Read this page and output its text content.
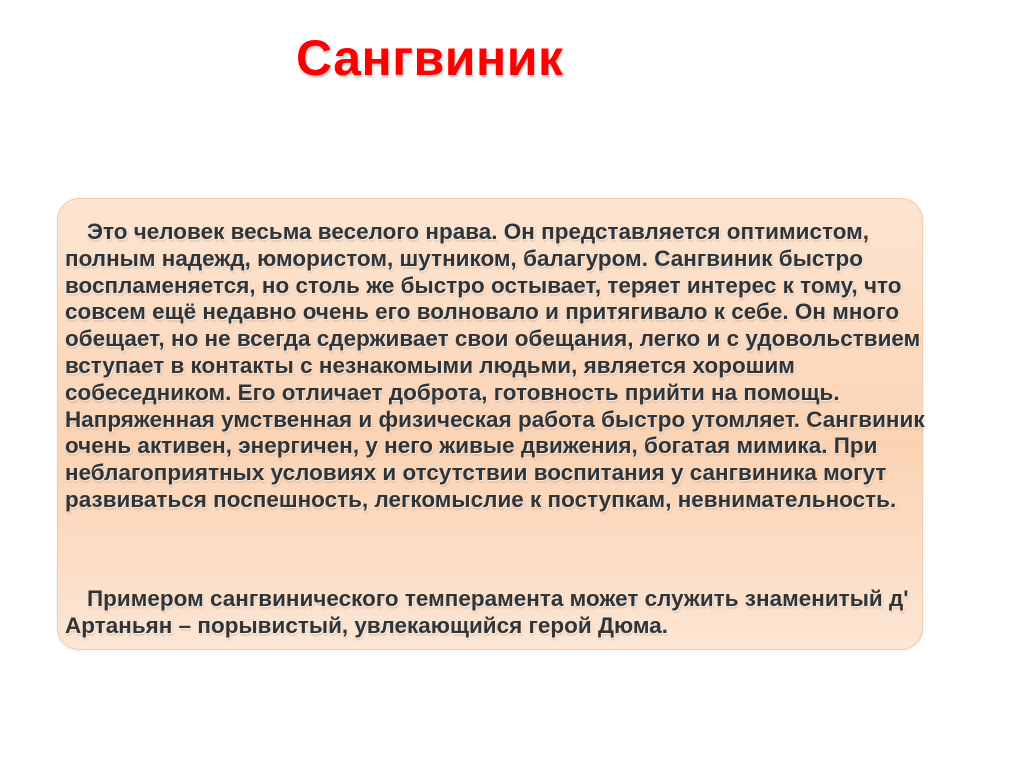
Сангвиник

Это человек весьма веселого нрава. Он представляется оптимистом, полным надежд, юмористом, шутником, балагуром. Сангвиник быстро воспламеняется, но столь же быстро остывает, теряет интерес к тому, что совсем ещё недавно очень его волновало и притягивало к себе. Он много обещает, но не всегда сдерживает свои обещания, легко и с удовольствием вступает в контакты с незнакомыми людьми, является хорошим собеседником. Его отличает доброта, готовность прийти на помощь. Напряженная умственная и физическая работа быстро утомляет. Сангвиник очень активен, энергичен, у него живые движения, богатая мимика. При неблагоприятных условиях и отсутствии воспитания у сангвиника могут развиваться поспешность, легкомыслие к поступкам, невнимательность.

Примером сангвинического темперамента может служить знаменитый д' Артаньян – порывистый, увлекающийся герой Дюма.
